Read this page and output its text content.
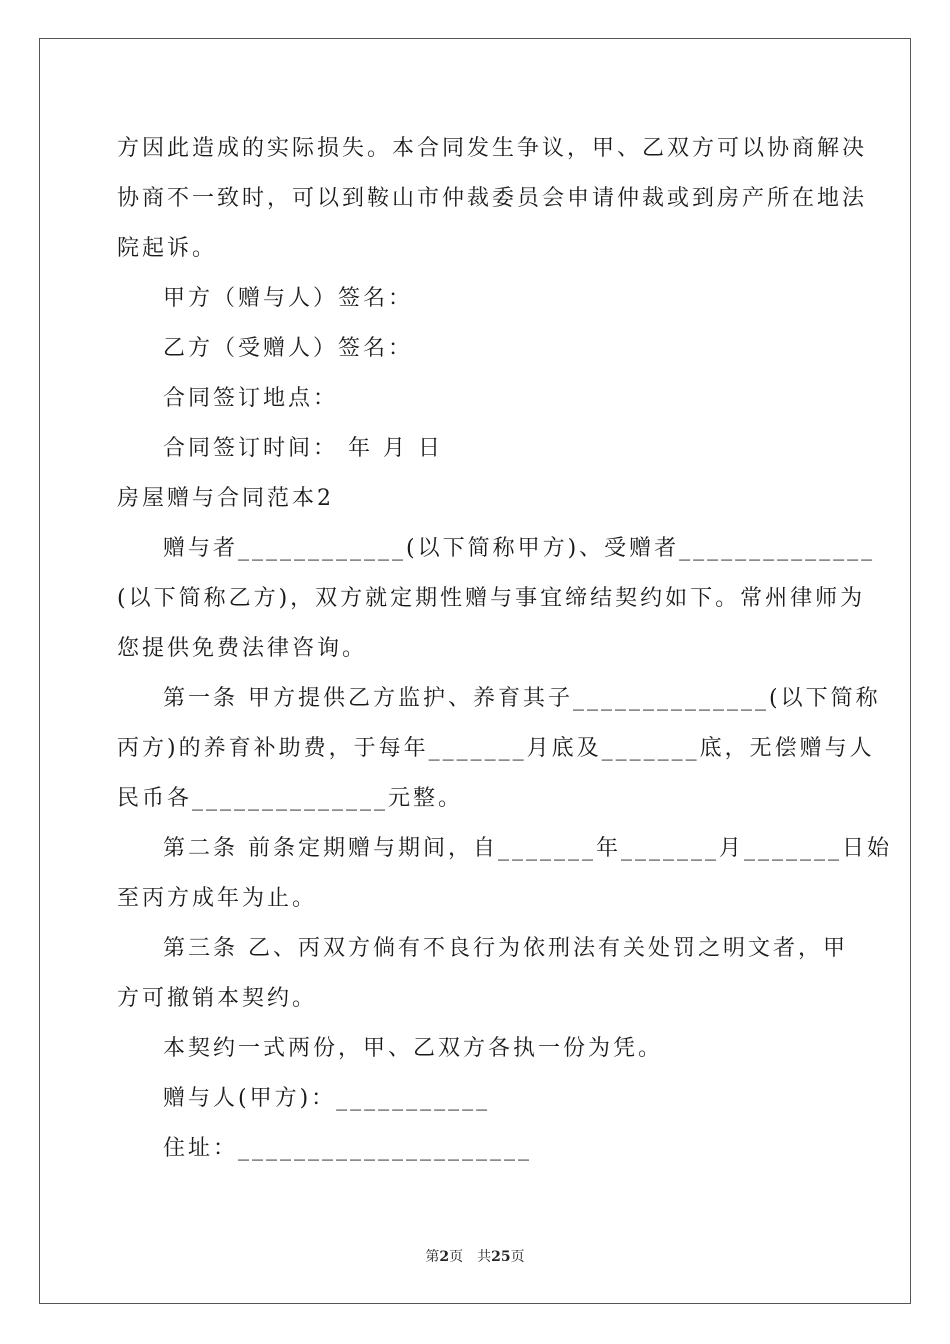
方因此造成的实际损失。本合同发生争议，甲、乙双方可以协商解决
协商不一致时，可以到鞍山市仲裁委员会申请仲裁或到房产所在地法
院起诉。
甲方（赠与人）签名：
乙方（受赠人）签名：
合同签订地点：
合同签订时间： 年 月 日
房屋赠与合同范本2
赠与者____________(以下简称甲方)、受赠者______________
(以下简称乙方)，双方就定期性赠与事宜缔结契约如下。常州律师为
您提供免费法律咨询。
第一条 甲方提供乙方监护、养育其子______________(以下简称
丙方)的养育补助费，于每年_______月底及_______底，无偿赠与人
民币各______________元整。
第二条 前条定期赠与期间，自_______年_______月_______日始
至丙方成年为止。
第三条 乙、丙双方倘有不良行为依刑法有关处罚之明文者，甲
方可撤销本契约。
本契约一式两份，甲、乙双方各执一份为凭。
赠与人(甲方)：___________
住址：_____________________
第2页　共25页
